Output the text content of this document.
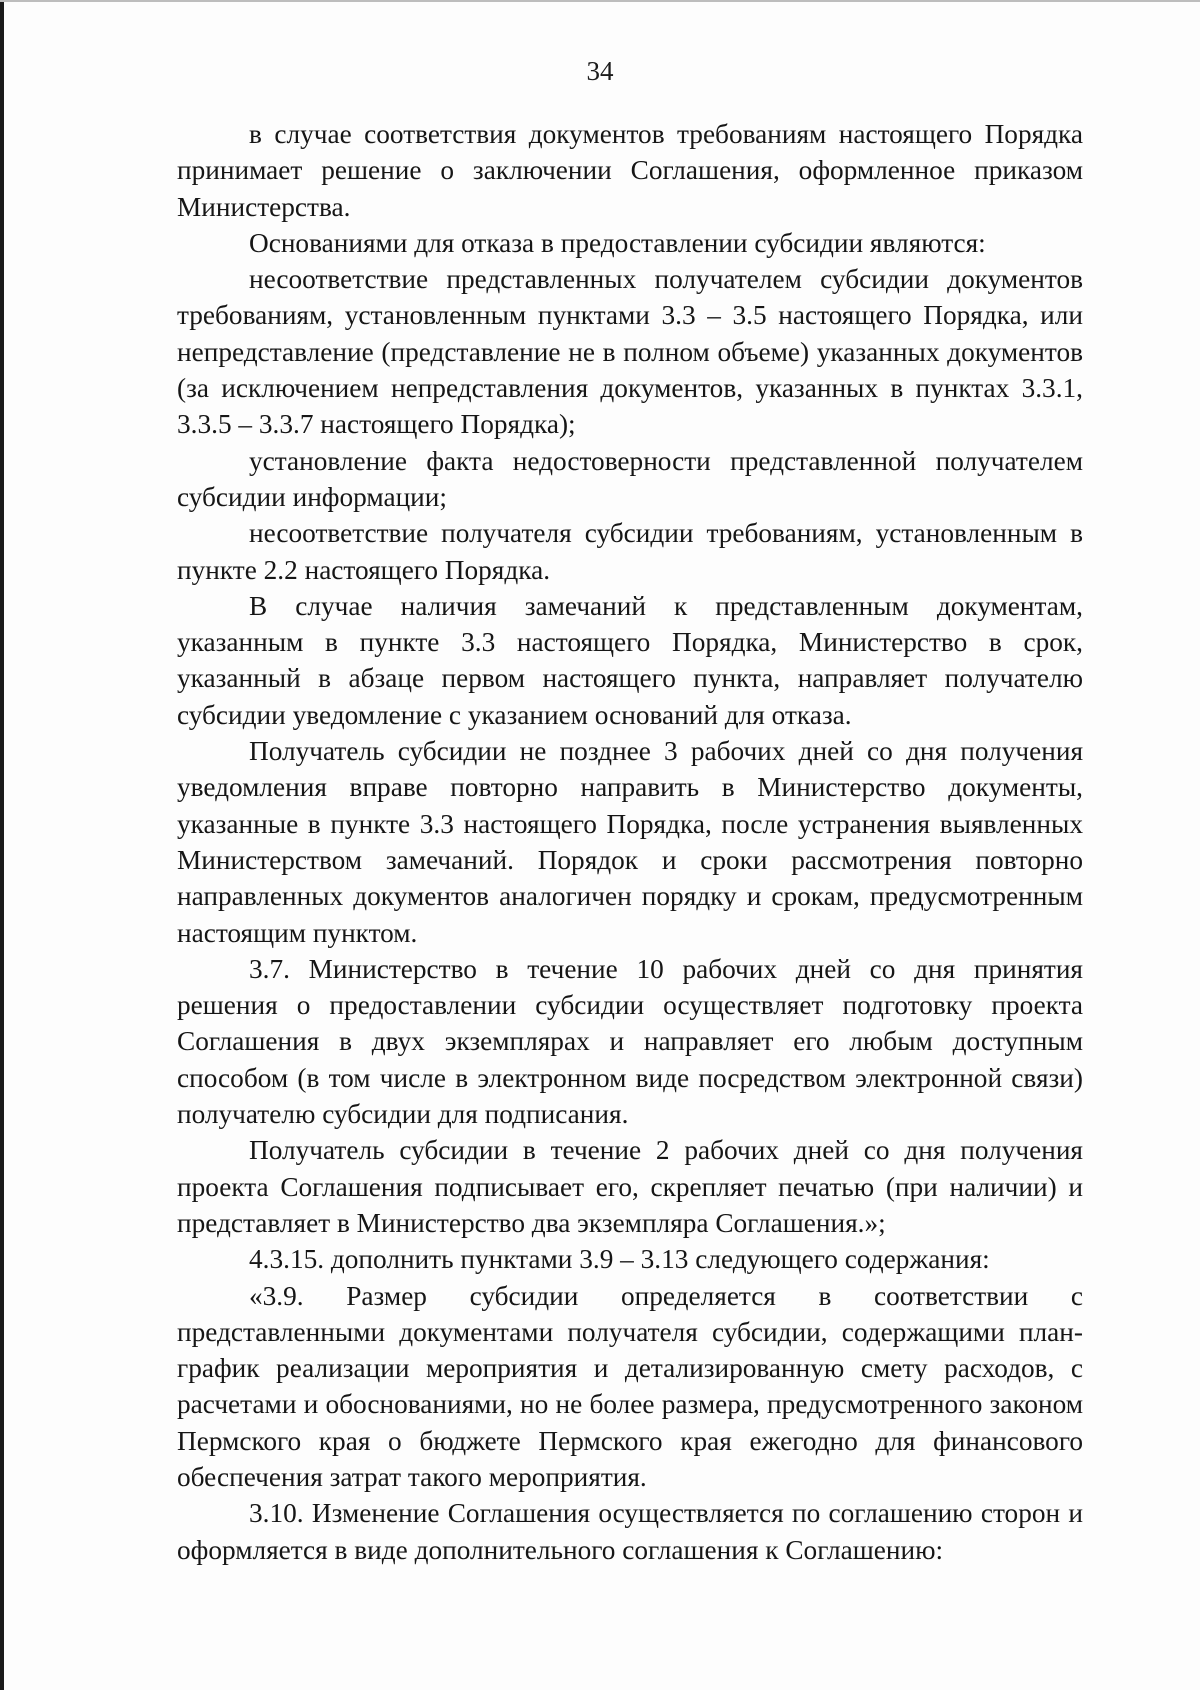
34

в случае соответствия документов требованиям настоящего Порядка принимает решение о заключении Соглашения, оформленное приказом Министерства.

Основаниями для отказа в предоставлении субсидии являются:

несоответствие представленных получателем субсидии документов требованиям, установленным пунктами 3.3 – 3.5 настоящего Порядка, или непредставление (представление не в полном объеме) указанных документов (за исключением непредставления документов, указанных в пунктах 3.3.1, 3.3.5 – 3.3.7 настоящего Порядка);

установление факта недостоверности представленной получателем субсидии информации;

несоответствие получателя субсидии требованиям, установленным в пункте 2.2 настоящего Порядка.

В случае наличия замечаний к представленным документам, указанным в пункте 3.3 настоящего Порядка, Министерство в срок, указанный в абзаце первом настоящего пункта, направляет получателю субсидии уведомление с указанием оснований для отказа.

Получатель субсидии не позднее 3 рабочих дней со дня получения уведомления вправе повторно направить в Министерство документы, указанные в пункте 3.3 настоящего Порядка, после устранения выявленных Министерством замечаний. Порядок и сроки рассмотрения повторно направленных документов аналогичен порядку и срокам, предусмотренным настоящим пунктом.

3.7. Министерство в течение 10 рабочих дней со дня принятия решения о предоставлении субсидии осуществляет подготовку проекта Соглашения в двух экземплярах и направляет его любым доступным способом (в том числе в электронном виде посредством электронной связи) получателю субсидии для подписания.

Получатель субсидии в течение 2 рабочих дней со дня получения проекта Соглашения подписывает его, скрепляет печатью (при наличии) и представляет в Министерство два экземпляра Соглашения.»;

4.3.15. дополнить пунктами 3.9 – 3.13 следующего содержания:

«3.9. Размер субсидии определяется в соответствии с представленными документами получателя субсидии, содержащими план-график реализации мероприятия и детализированную смету расходов, с расчетами и обоснованиями, но не более размера, предусмотренного законом Пермского края о бюджете Пермского края ежегодно для финансового обеспечения затрат такого мероприятия.

3.10. Изменение Соглашения осуществляется по соглашению сторон и оформляется в виде дополнительного соглашения к Соглашению:
